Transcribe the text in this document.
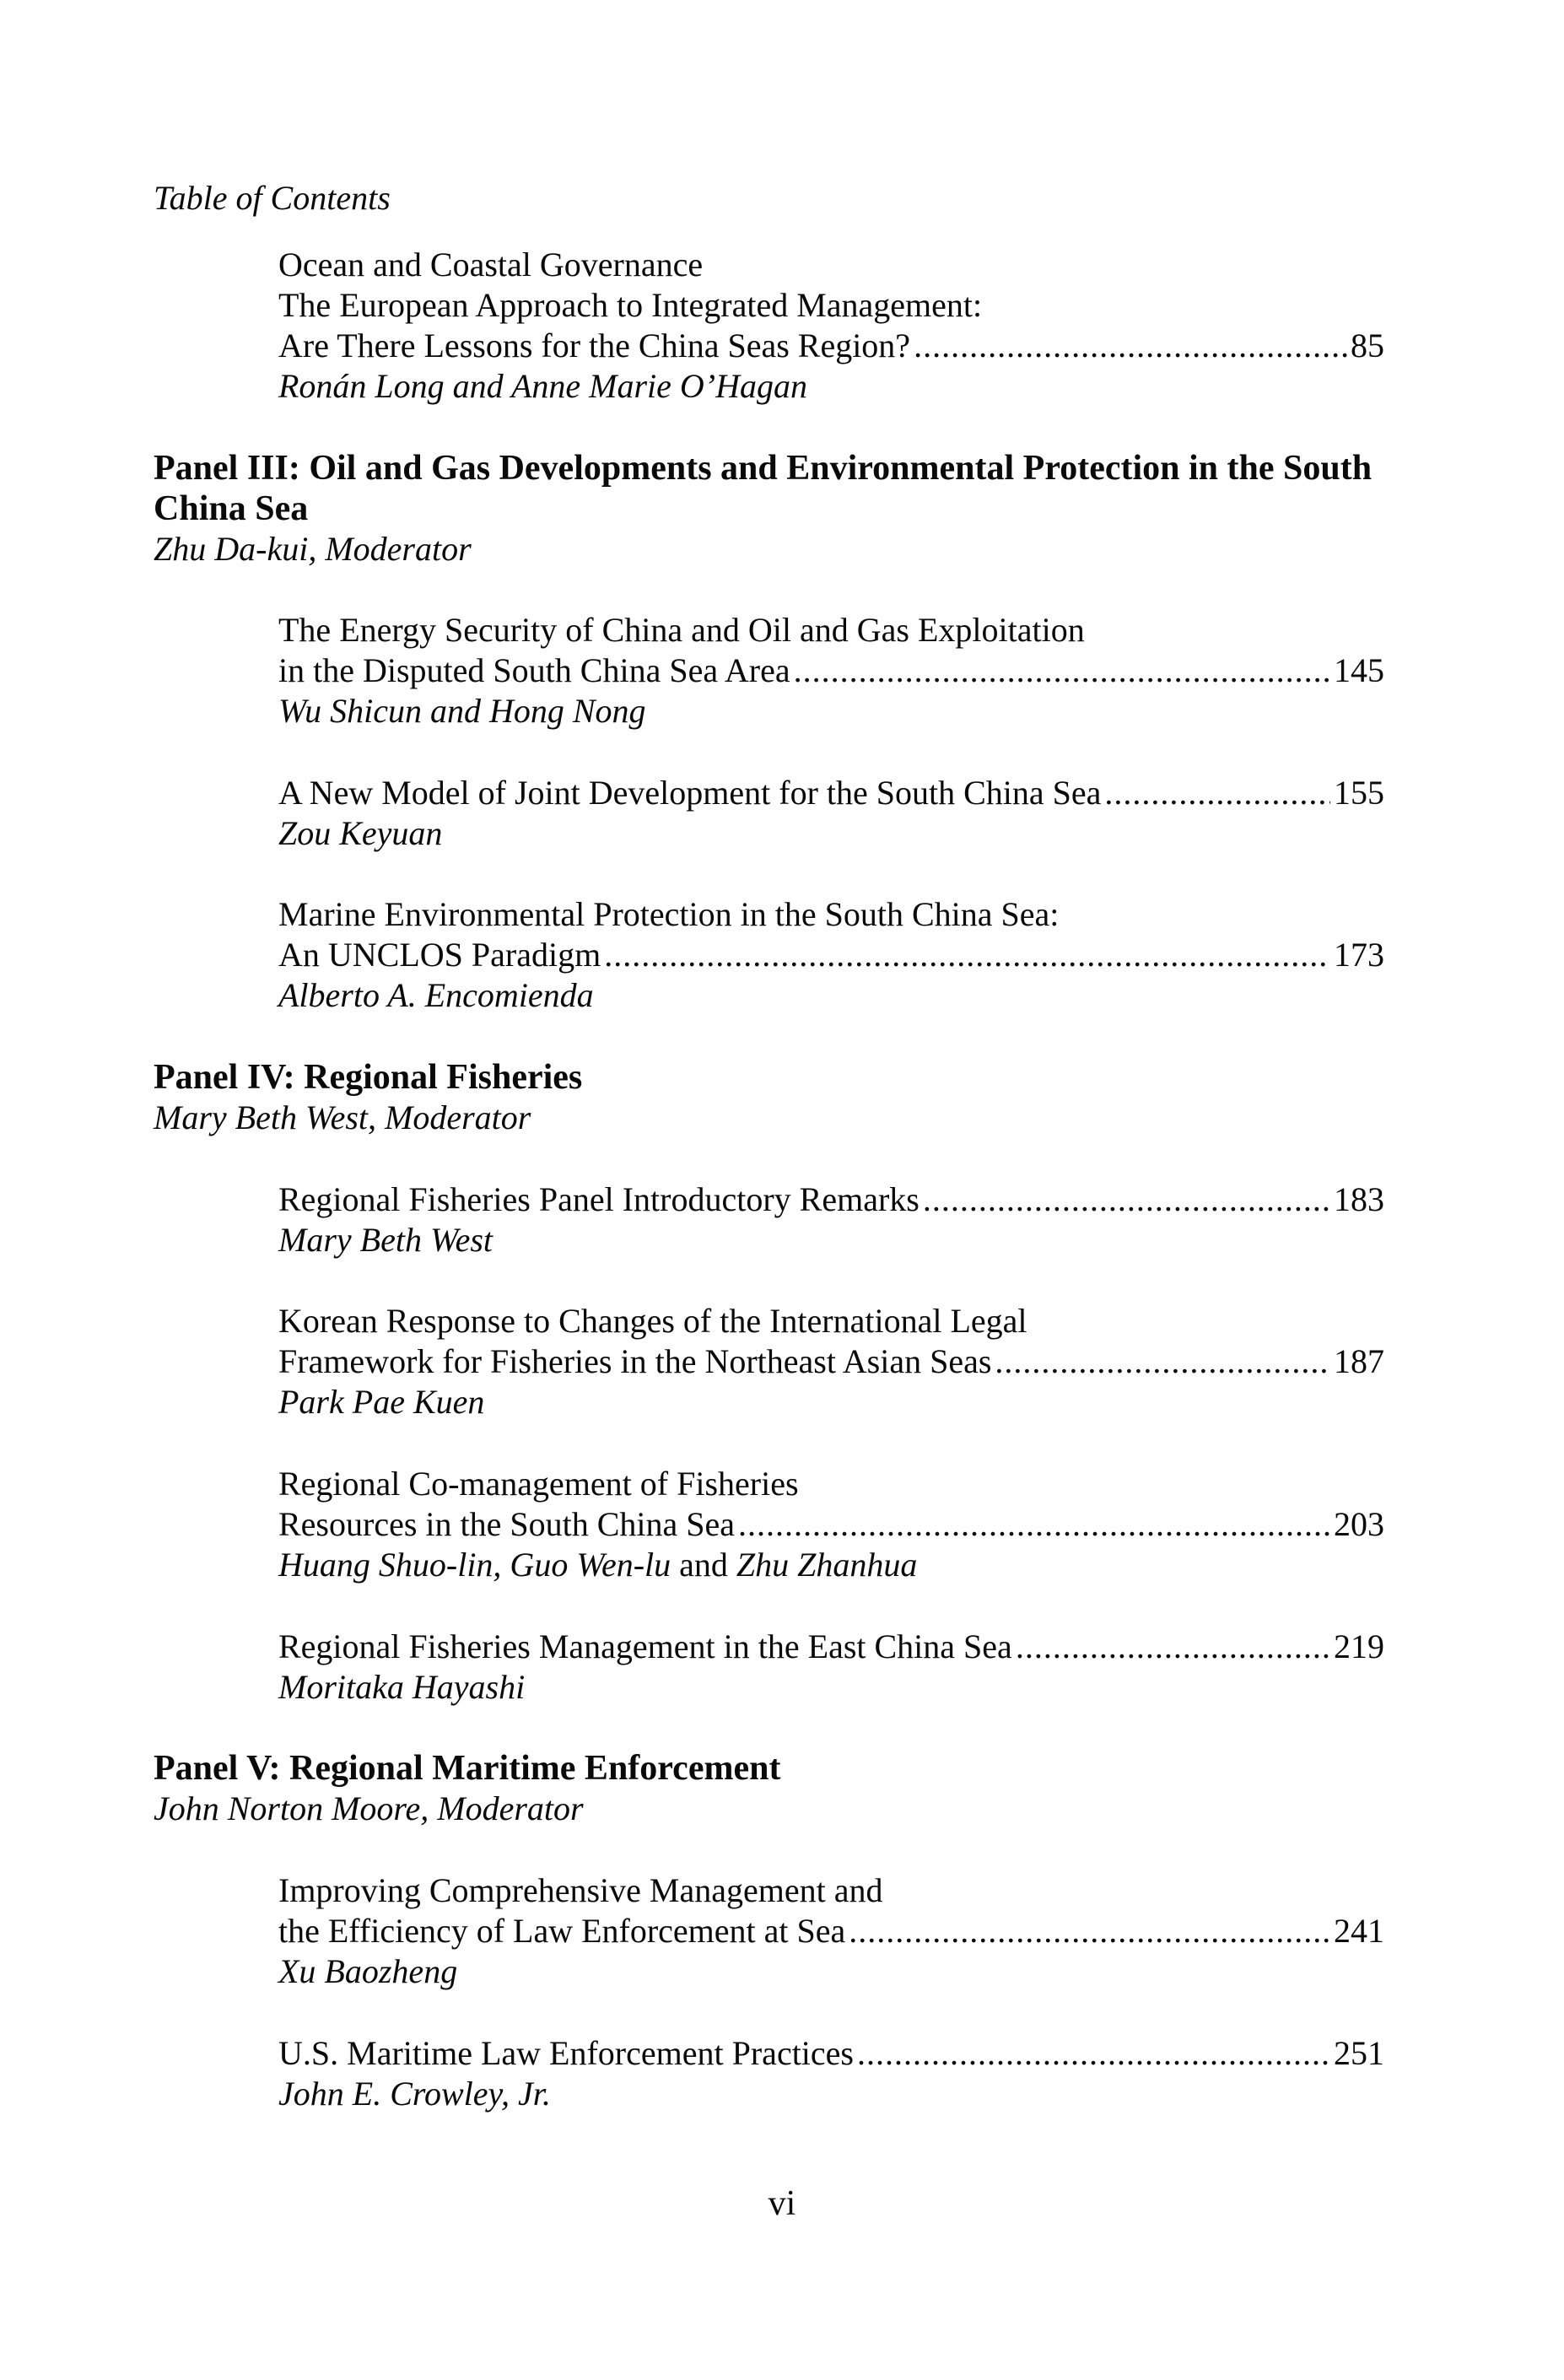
Table of Contents
Ocean and Coastal Governance
The European Approach to Integrated Management:
Are There Lessons for the China Seas Region? .....	85
Ronán Long and Anne Marie O’Hagan
Panel III: Oil and Gas Developments and Environmental Protection in the South
China Sea
Zhu Da-kui, Moderator
The Energy Security of China and Oil and Gas Exploitation
in the Disputed South China Sea Area .....	145
Wu Shicun and Hong Nong
A New Model of Joint Development for the South China Sea .....	155
Zou Keyuan
Marine Environmental Protection in the South China Sea:
An UNCLOS Paradigm .....	173
Alberto A. Encomienda
Panel IV: Regional Fisheries
Mary Beth West, Moderator
Regional Fisheries Panel Introductory Remarks .....	183
Mary Beth West
Korean Response to Changes of the International Legal
Framework for Fisheries in the Northeast Asian Seas .....	187
Park Pae Kuen
Regional Co-management of Fisheries
Resources in the South China Sea .....	203
Huang Shuo-lin, Guo Wen-lu and Zhu Zhanhua
Regional Fisheries Management in the East China Sea .....	219
Moritaka Hayashi
Panel V: Regional Maritime Enforcement
John Norton Moore, Moderator
Improving Comprehensive Management and
the Efficiency of Law Enforcement at Sea .....	241
Xu Baozheng
U.S. Maritime Law Enforcement Practices .....	251
John E. Crowley, Jr.
vi
